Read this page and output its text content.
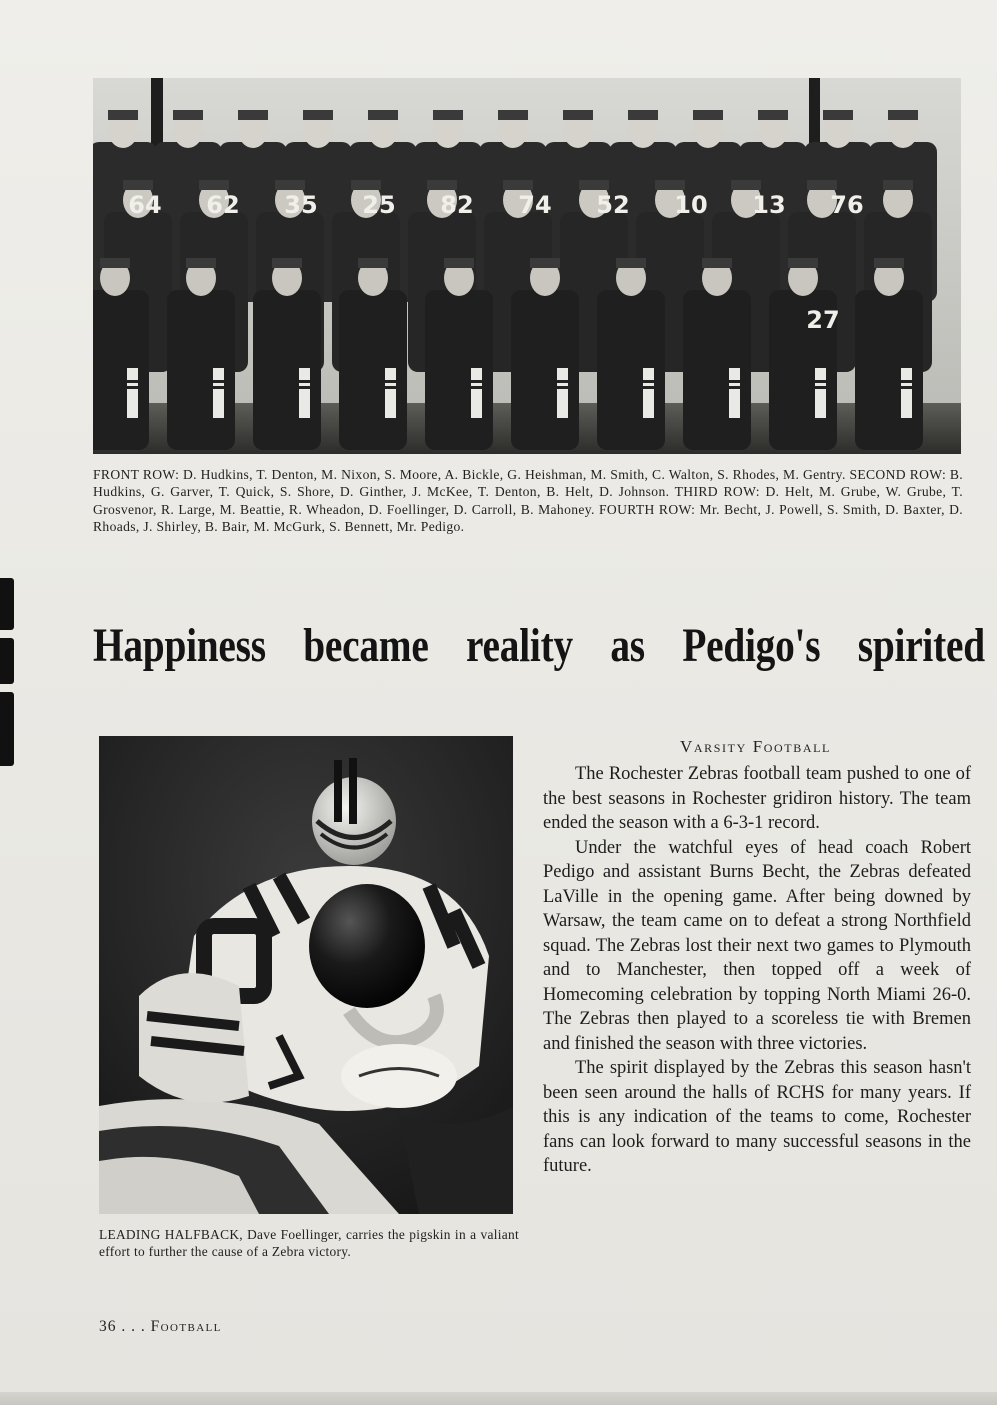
64 62 35 25 82 74 52 10 13 76
27
FRONT ROW: D. Hudkins, T. Denton, M. Nixon, S. Moore, A. Bickle, G. Heishman, M. Smith, C. Walton, S. Rhodes, M. Gentry. SECOND ROW: B. Hudkins, G. Garver, T. Quick, S. Shore, D. Ginther, J. McKee, T. Denton, B. Helt, D. Johnson. THIRD ROW: D. Helt, M. Grube, W. Grube, T. Grosvenor, R. Large, M. Beattie, R. Wheadon, D. Foellinger, D. Carroll, B. Mahoney. FOURTH ROW: Mr. Becht, J. Powell, S. Smith, D. Baxter, D. Rhoads, J. Shirley, B. Bair, M. McGurk, S. Bennett, Mr. Pedigo.
Happiness became reality as Pedigo's spirited
LEADING HALFBACK, Dave Foellinger, carries the pigskin in a valiant effort to further the cause of a Zebra victory.
Varsity Football

The Rochester Zebras football team pushed to one of the best seasons in Rochester gridiron history. The team ended the season with a 6-3-1 record.

Under the watchful eyes of head coach Robert Pedigo and assistant Burns Becht, the Zebras defeated LaVille in the opening game. After being downed by Warsaw, the team came on to defeat a strong Northfield squad. The Zebras lost their next two games to Plymouth and to Manchester, then topped off a week of Homecoming celebration by topping North Miami 26-0. The Zebras then played to a scoreless tie with Bremen and finished the season with three victories.

The spirit displayed by the Zebras this season hasn't been seen around the halls of RCHS for many years. If this is any indication of the teams to come, Rochester fans can look forward to many successful seasons in the future.

36 . . . Football
